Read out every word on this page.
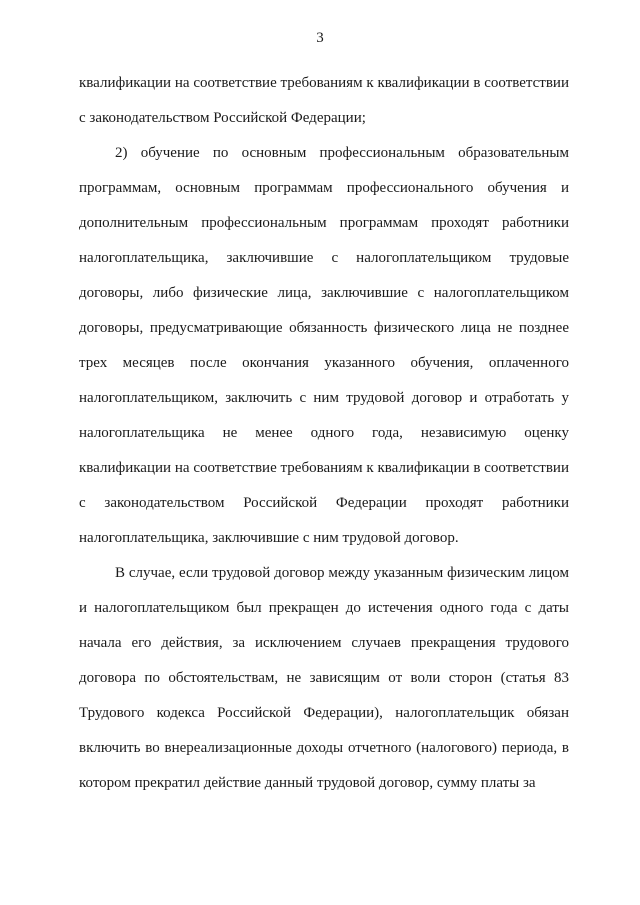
3

квалификации на соответствие требованиям к квалификации в соответствии с законодательством Российской Федерации;

2) обучение по основным профессиональным образовательным программам, основным программам профессионального обучения и дополнительным профессиональным программам проходят работники налогоплательщика, заключившие с налогоплательщиком трудовые договоры, либо физические лица, заключившие с налогоплательщиком договоры, предусматривающие обязанность физического лица не позднее трех месяцев после окончания указанного обучения, оплаченного налогоплательщиком, заключить с ним трудовой договор и отработать у налогоплательщика не менее одного года, независимую оценку квалификации на соответствие требованиям к квалификации в соответствии с законодательством Российской Федерации проходят работники налогоплательщика, заключившие с ним трудовой договор.

В случае, если трудовой договор между указанным физическим лицом и налогоплательщиком был прекращен до истечения одного года с даты начала его действия, за исключением случаев прекращения трудового договора по обстоятельствам, не зависящим от воли сторон (статья 83 Трудового кодекса Российской Федерации), налогоплательщик обязан включить во внереализационные доходы отчетного (налогового) периода, в котором прекратил действие данный трудовой договор, сумму платы за
